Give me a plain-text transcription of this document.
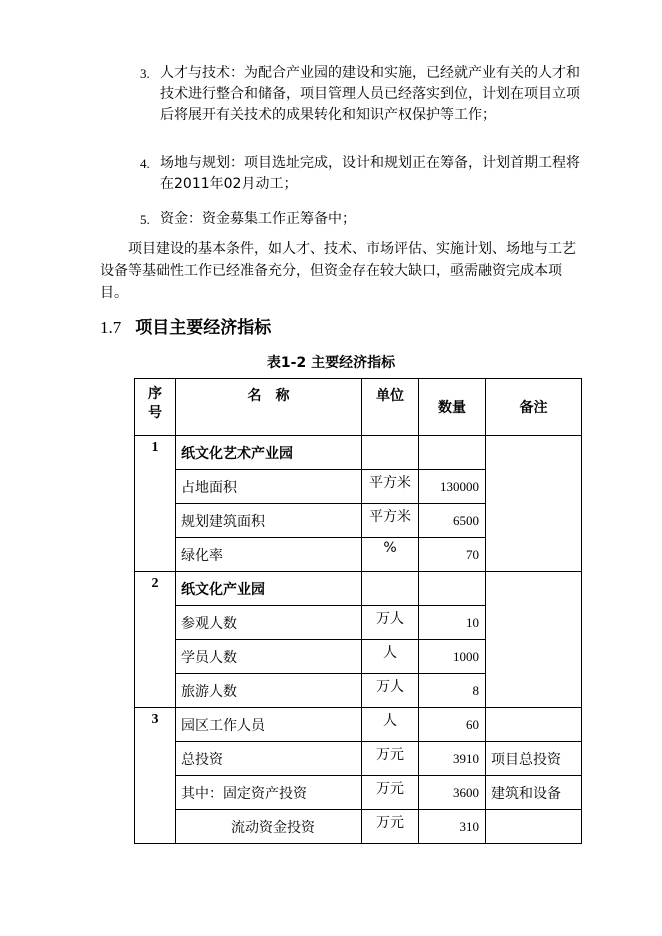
3. 人才与技术：为配合产业园的建设和实施，已经就产业有关的人才和技术进行整合和储备，项目管理人员已经落实到位，计划在项目立项后将展开有关技术的成果转化和知识产权保护等工作；
4. 场地与规划：项目选址完成，设计和规划正在筹备，计划首期工程将在2011年02月动工；
5. 资金：资金募集工作正筹备中；
项目建设的基本条件，如人才、技术、市场评估、实施计划、场地与工艺设备等基础性工作已经准备充分，但资金存在较大缺口，亟需融资完成本项目。
1.7 项目主要经济指标
表1-2 主要经济指标
序号	名　称	单位	数量	备注
1	纸文化艺术产业园			
	占地面积	平方米	130000	
	规划建筑面积	平方米	6500	
	绿化率	%	70	
2	纸文化产业园			
	参观人数	万人	10	
	学员人数	人	1000	
	旅游人数	万人	8	
3	园区工作人员	人	60	
	总投资	万元	3910	项目总投资
	其中：固定资产投资	万元	3600	建筑和设备
	流动资金投资	万元	310	
